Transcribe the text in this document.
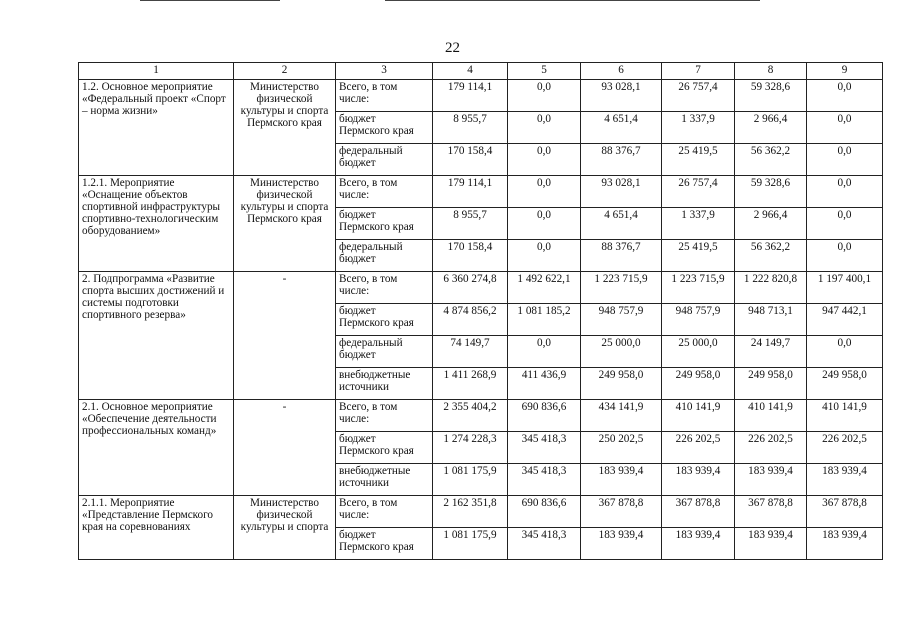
22
1	2	3	4	5	6	7	8	9
1.2. Основное мероприятие «Федеральный проект «Спорт – норма жизни»	Министерство физической культуры и спорта Пермского края	Всего, в том числе:	179 114,1	0,0	93 028,1	26 757,4	59 328,6	0,0
		бюджет Пермского края	8 955,7	0,0	4 651,4	1 337,9	2 966,4	0,0
		федеральный бюджет	170 158,4	0,0	88 376,7	25 419,5	56 362,2	0,0
1.2.1. Мероприятие «Оснащение объектов спортивной инфраструктуры спортивно-технологическим оборудованием»	Министерство физической культуры и спорта Пермского края	Всего, в том числе:	179 114,1	0,0	93 028,1	26 757,4	59 328,6	0,0
		бюджет Пермского края	8 955,7	0,0	4 651,4	1 337,9	2 966,4	0,0
		федеральный бюджет	170 158,4	0,0	88 376,7	25 419,5	56 362,2	0,0
2. Подпрограмма «Развитие спорта высших достижений и системы подготовки спортивного резерва»	-	Всего, в том числе:	6 360 274,8	1 492 622,1	1 223 715,9	1 223 715,9	1 222 820,8	1 197 400,1
		бюджет Пермского края	4 874 856,2	1 081 185,2	948 757,9	948 757,9	948 713,1	947 442,1
		федеральный бюджет	74 149,7	0,0	25 000,0	25 000,0	24 149,7	0,0
		внебюджетные источники	1 411 268,9	411 436,9	249 958,0	249 958,0	249 958,0	249 958,0
2.1. Основное мероприятие «Обеспечение деятельности профессиональных команд»	-	Всего, в том числе:	2 355 404,2	690 836,6	434 141,9	410 141,9	410 141,9	410 141,9
		бюджет Пермского края	1 274 228,3	345 418,3	250 202,5	226 202,5	226 202,5	226 202,5
		внебюджетные источники	1 081 175,9	345 418,3	183 939,4	183 939,4	183 939,4	183 939,4
2.1.1. Мероприятие «Представление Пермского края на соревнованиях	Министерство физической культуры и спорта	Всего, в том числе:	2 162 351,8	690 836,6	367 878,8	367 878,8	367 878,8	367 878,8
		бюджет Пермского края	1 081 175,9	345 418,3	183 939,4	183 939,4	183 939,4	183 939,4
